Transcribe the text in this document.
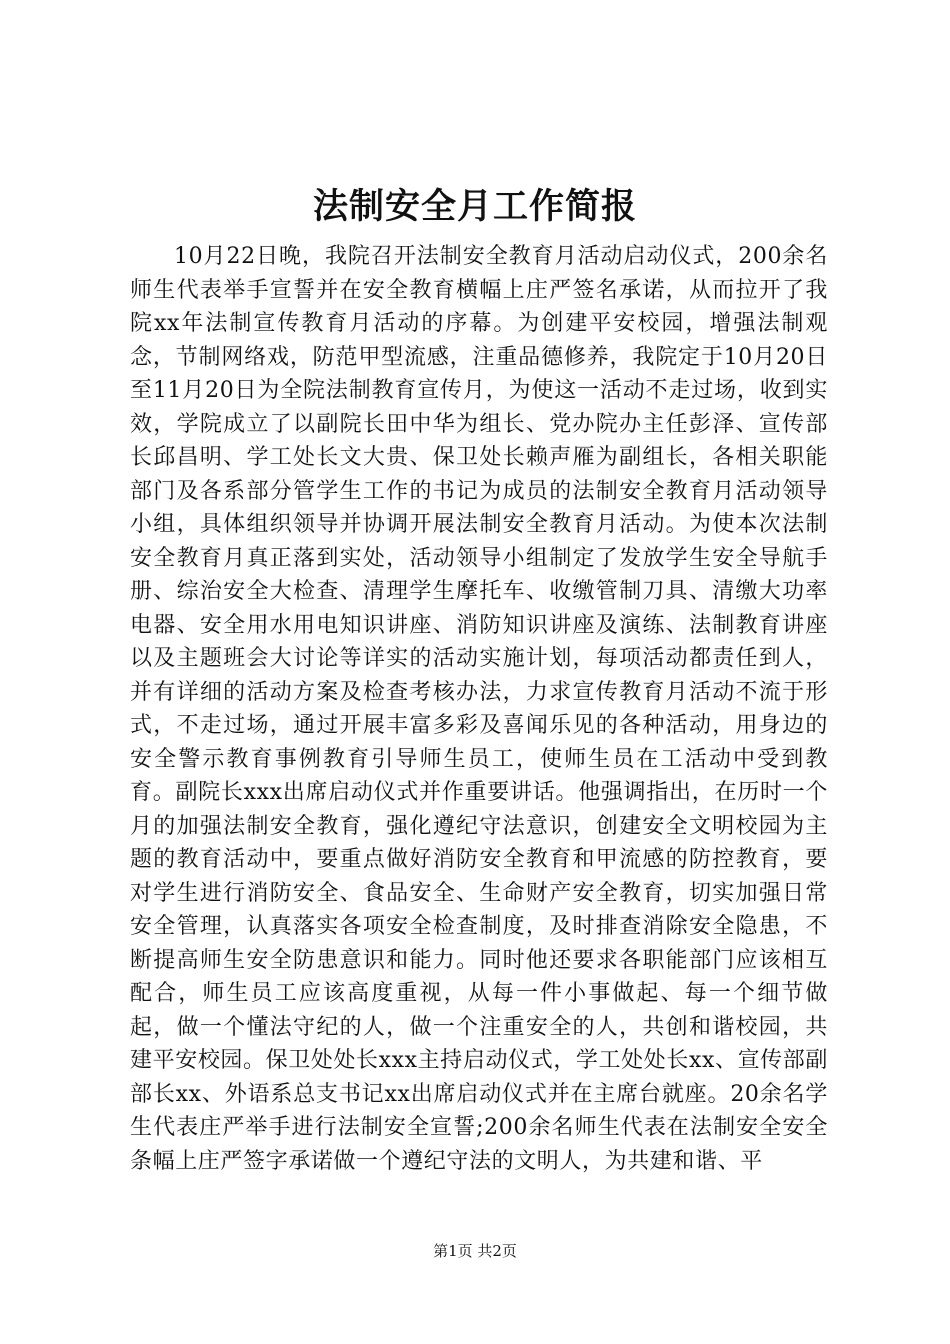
法制安全月工作简报

10月22日晚，我院召开法制安全教育月活动启动仪式，200余名师生代表举手宣誓并在安全教育横幅上庄严签名承诺，从而拉开了我院xx年法制宣传教育月活动的序幕。为创建平安校园，增强法制观念，节制网络戏，防范甲型流感，注重品德修养，我院定于10月20日至11月20日为全院法制教育宣传月，为使这一活动不走过场，收到实效，学院成立了以副院长田中华为组长、党办院办主任彭泽、宣传部长邱昌明、学工处长文大贵、保卫处长赖声雁为副组长，各相关职能部门及各系部分管学生工作的书记为成员的法制安全教育月活动领导小组，具体组织领导并协调开展法制安全教育月活动。为使本次法制安全教育月真正落到实处，活动领导小组制定了发放学生安全导航手册、综治安全大检查、清理学生摩托车、收缴管制刀具、清缴大功率电器、安全用水用电知识讲座、消防知识讲座及演练、法制教育讲座以及主题班会大讨论等详实的活动实施计划，每项活动都责任到人，并有详细的活动方案及检查考核办法，力求宣传教育月活动不流于形式，不走过场，通过开展丰富多彩及喜闻乐见的各种活动，用身边的安全警示教育事例教育引导师生员工，使师生员在工活动中受到教育。副院长xxx出席启动仪式并作重要讲话。他强调指出，在历时一个月的加强法制安全教育，强化遵纪守法意识，创建安全文明校园为主题的教育活动中，要重点做好消防安全教育和甲流感的防控教育，要对学生进行消防安全、食品安全、生命财产安全教育，切实加强日常安全管理，认真落实各项安全检查制度，及时排查消除安全隐患，不断提高师生安全防患意识和能力。同时他还要求各职能部门应该相互配合，师生员工应该高度重视，从每一件小事做起、每一个细节做起，做一个懂法守纪的人，做一个注重安全的人，共创和谐校园，共建平安校园。保卫处处长xxx主持启动仪式，学工处处长xx、宣传部副部长xx、外语系总支书记xx出席启动仪式并在主席台就座。20余名学生代表庄严举手进行法制安全宣誓;200余名师生代表在法制安全安全条幅上庄严签字承诺做一个遵纪守法的文明人，为共建和谐、平

第1页 共2页
